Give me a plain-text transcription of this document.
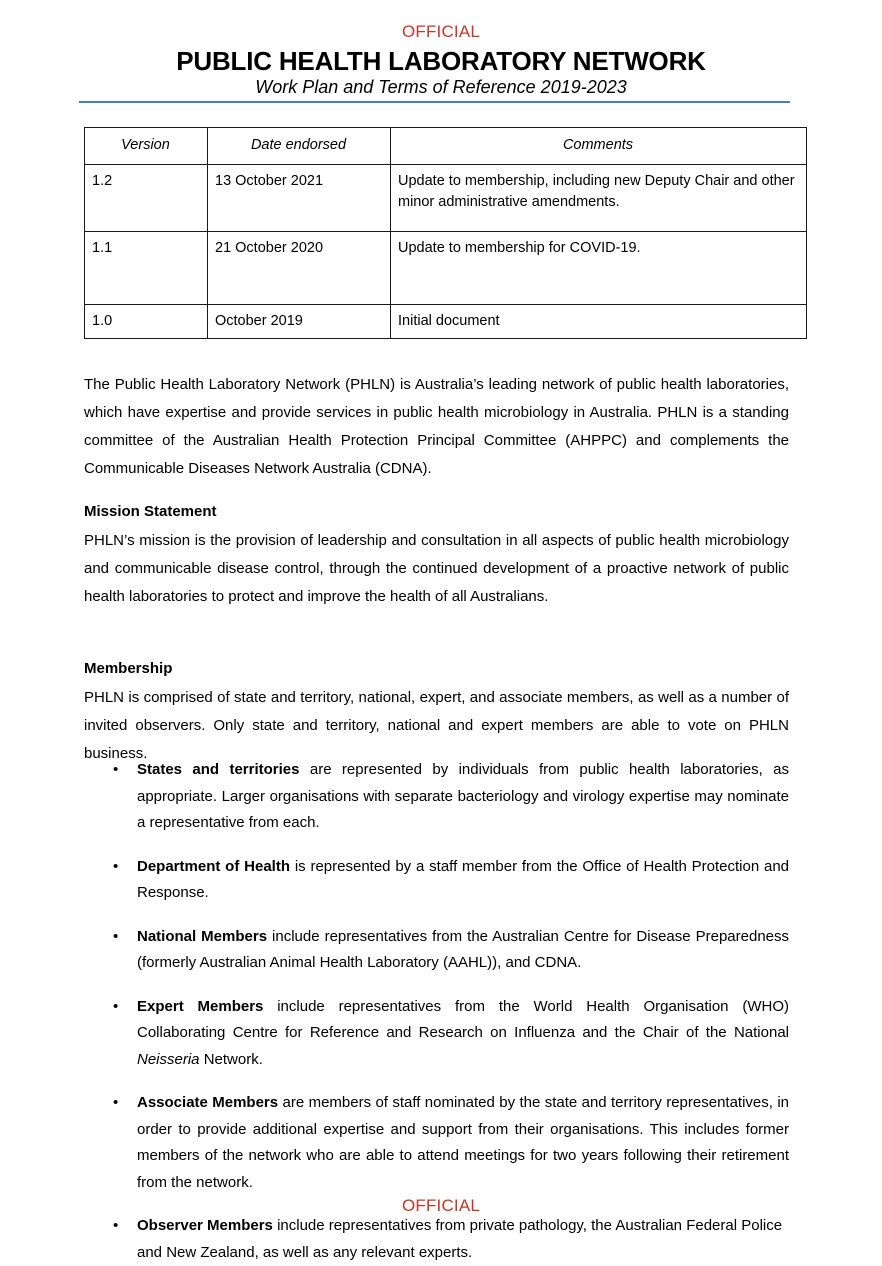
OFFICIAL
PUBLIC HEALTH LABORATORY NETWORK
Work Plan and Terms of Reference 2019-2023
Version	Date endorsed	Comments
1.2	13 October 2021	Update to membership, including new Deputy Chair and other minor administrative amendments.
1.1	21 October 2020	Update to membership for COVID-19.
1.0	October 2019	Initial document

The Public Health Laboratory Network (PHLN) is Australia’s leading network of public health laboratories, which have expertise and provide services in public health microbiology in Australia. PHLN is a standing committee of the Australian Health Protection Principal Committee (AHPPC) and complements the Communicable Diseases Network Australia (CDNA).

Mission Statement

PHLN’s mission is the provision of leadership and consultation in all aspects of public health microbiology and communicable disease control, through the continued development of a proactive network of public health laboratories to protect and improve the health of all Australians.

Membership

PHLN is comprised of state and territory, national, expert, and associate members, as well as a number of invited observers. Only state and territory, national and expert members are able to vote on PHLN business.

• States and territories are represented by individuals from public health laboratories, as appropriate. Larger organisations with separate bacteriology and virology expertise may nominate a representative from each.
• Department of Health is represented by a staff member from the Office of Health Protection and Response.
• National Members include representatives from the Australian Centre for Disease Preparedness (formerly Australian Animal Health Laboratory (AAHL)), and CDNA.
• Expert Members include representatives from the World Health Organisation (WHO) Collaborating Centre for Reference and Research on Influenza and the Chair of the National Neisseria Network.
• Associate Members are members of staff nominated by the state and territory representatives, in order to provide additional expertise and support from their organisations. This includes former members of the network who are able to attend meetings for two years following their retirement from the network.
• Observer Members include representatives from private pathology, the Australian Federal Police and New Zealand, as well as any relevant experts.
OFFICIAL
